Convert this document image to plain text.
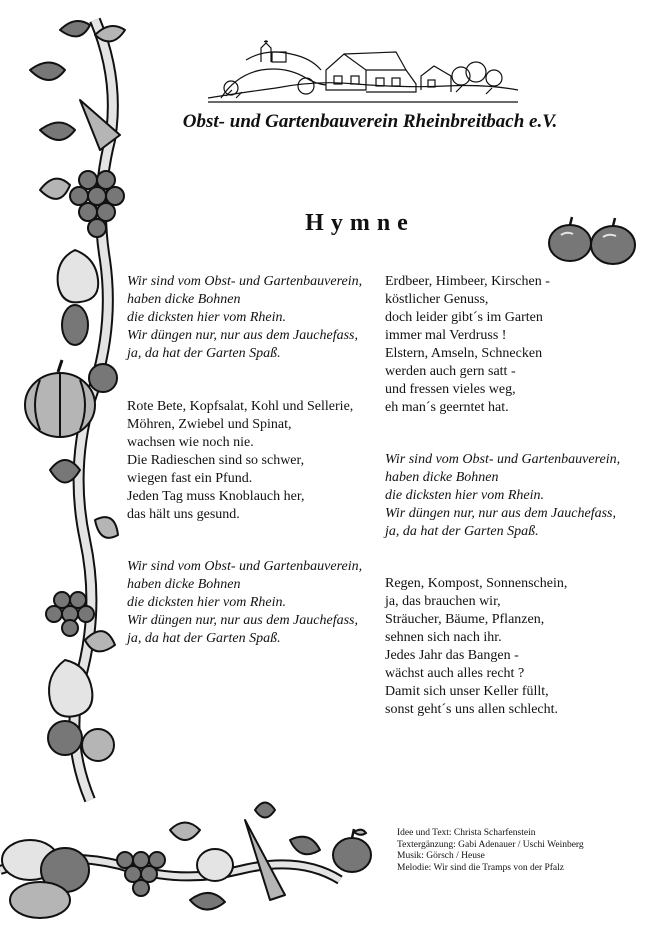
Obst- und Gartenbauverein Rheinbreitbach e.V.
Hymne
Wir sind vom Obst- und Gartenbauverein,
haben dicke Bohnen
die dicksten hier vom Rhein.
Wir düngen nur, nur aus dem Jauchefass,
ja, da hat der Garten Spaß.
Rote Bete, Kopfsalat, Kohl und Sellerie,
Möhren, Zwiebel und Spinat,
wachsen wie noch nie.
Die Radieschen sind so schwer,
wiegen fast ein Pfund.
Jeden Tag muss Knoblauch her,
das hält uns gesund.
Wir sind vom Obst- und Gartenbauverein,
haben dicke Bohnen
die dicksten hier vom Rhein.
Wir düngen nur, nur aus dem Jauchefass,
ja, da hat der Garten Spaß.
Erdbeer, Himbeer, Kirschen -
köstlicher Genuss,
doch leider gibt´s im Garten
immer mal Verdruss !
Elstern, Amseln, Schnecken
werden auch gern satt -
und fressen vieles weg,
eh man´s geerntet hat.
Wir sind vom Obst- und Gartenbauverein,
haben dicke Bohnen
die dicksten hier vom Rhein.
Wir düngen nur, nur aus dem Jauchefass,
ja, da hat der Garten Spaß.
Regen, Kompost, Sonnenschein,
ja, das brauchen wir,
Sträucher, Bäume, Pflanzen,
sehnen sich nach ihr.
Jedes Jahr das Bangen -
wächst auch alles recht ?
Damit sich unser Keller füllt,
sonst geht´s uns allen schlecht.
Idee und Text: Christa Scharfenstein
Textergänzung: Gabi Adenauer / Uschi Weinberg
Musik: Görsch / Heuse
Melodie: Wir sind die Tramps von der Pfalz
